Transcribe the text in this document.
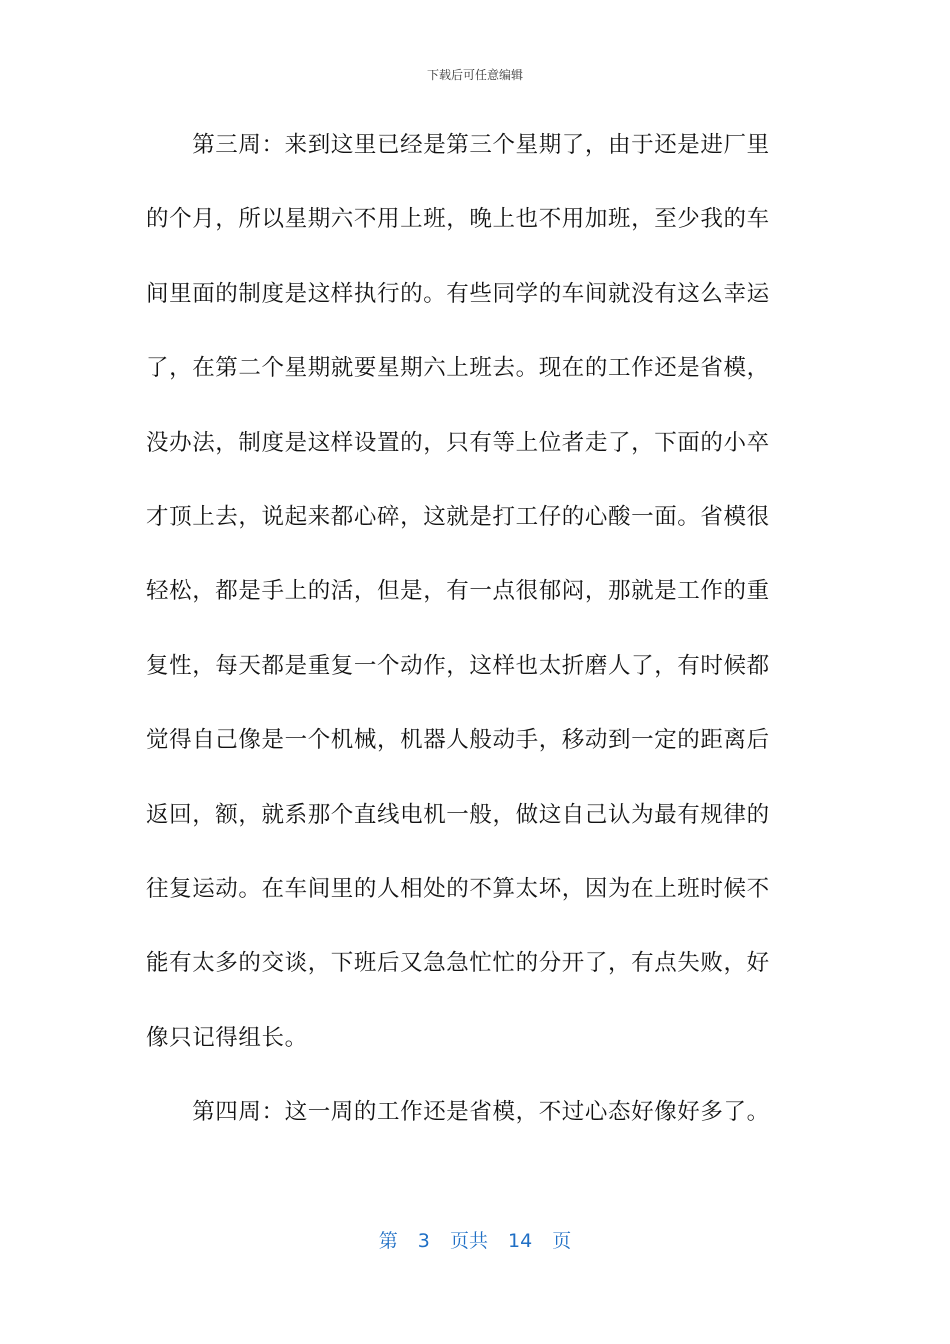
下载后可任意编辑
　　第三周：来到这里已经是第三个星期了，由于还是进厂里
的个月，所以星期六不用上班，晚上也不用加班，至少我的车
间里面的制度是这样执行的。有些同学的车间就没有这么幸运
了，在第二个星期就要星期六上班去。现在的工作还是省模，
没办法，制度是这样设置的，只有等上位者走了，下面的小卒
才顶上去，说起来都心碎，这就是打工仔的心酸一面。省模很
轻松，都是手上的活，但是，有一点很郁闷，那就是工作的重
复性，每天都是重复一个动作，这样也太折磨人了，有时候都
觉得自己像是一个机械，机器人般动手，移动到一定的距离后
返回，额，就系那个直线电机一般，做这自己认为最有规律的
往复运动。在车间里的人相处的不算太坏，因为在上班时候不
能有太多的交谈，下班后又急急忙忙的分开了，有点失败，好
像只记得组长。
　　第四周：这一周的工作还是省模，不过心态好像好多了。
第 3 页共 14 页
